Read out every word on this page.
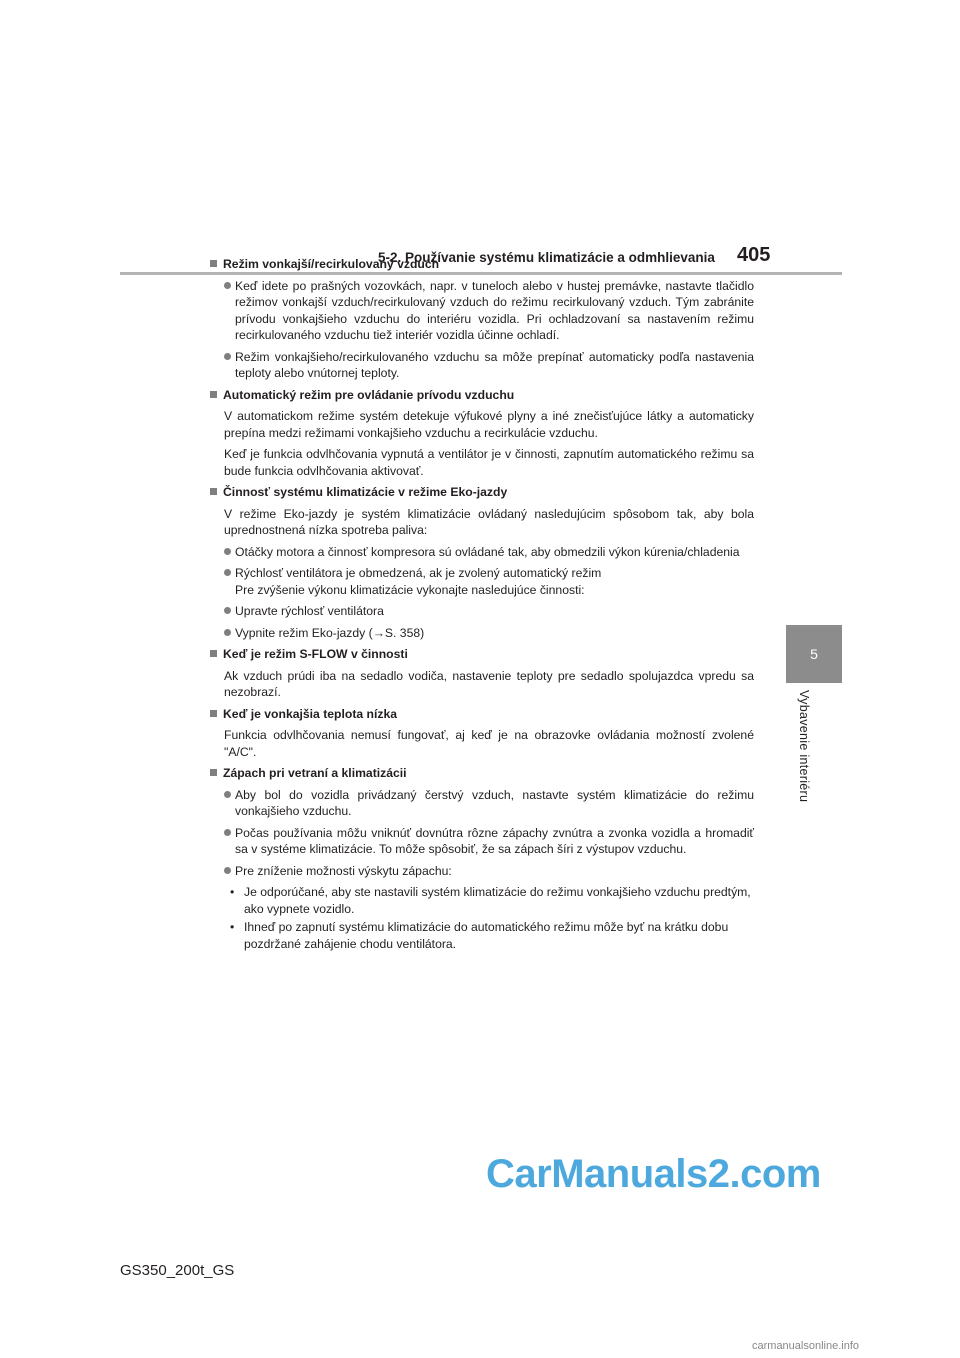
5-2. Používanie systému klimatizácie a odmhlievania 405
5
Vybavenie interiéru
Režim vonkajší/recirkulovaný vzduch
Keď idete po prašných vozovkách, napr. v tuneloch alebo v hustej premávke, nastavte tlačidlo režimov vonkajší vzduch/recirkulovaný vzduch do režimu recirkulovaný vzduch. Tým zabránite prívodu vonkajšieho vzduchu do interiéru vozidla. Pri ochladzovaní sa nastavením režimu recirkulovaného vzduchu tiež interiér vozidla účinne ochladí.
Režim vonkajšieho/recirkulovaného vzduchu sa môže prepínať automaticky podľa nastavenia teploty alebo vnútornej teploty.
Automatický režim pre ovládanie prívodu vzduchu
V automatickom režime systém detekuje výfukové plyny a iné znečisťujúce látky a automaticky prepína medzi režimami vonkajšieho vzduchu a recirkulácie vzduchu.
Keď je funkcia odvlhčovania vypnutá a ventilátor je v činnosti, zapnutím automatického režimu sa bude funkcia odvlhčovania aktivovať.
Činnosť systému klimatizácie v režime Eko-jazdy
V režime Eko-jazdy je systém klimatizácie ovládaný nasledujúcim spôsobom tak, aby bola uprednostnená nízka spotreba paliva:
Otáčky motora a činnosť kompresora sú ovládané tak, aby obmedzili výkon kúrenia/chladenia
Rýchlosť ventilátora je obmedzená, ak je zvolený automatický režim
Pre zvýšenie výkonu klimatizácie vykonajte nasledujúce činnosti:
Upravte rýchlosť ventilátora
Vypnite režim Eko-jazdy (→S. 358)
Keď je režim S-FLOW v činnosti
Ak vzduch prúdi iba na sedadlo vodiča, nastavenie teploty pre sedadlo spolujazdca vpredu sa nezobrazí.
Keď je vonkajšia teplota nízka
Funkcia odvlhčovania nemusí fungovať, aj keď je na obrazovke ovládania možností zvolené "A/C".
Zápach pri vetraní a klimatizácii
Aby bol do vozidla privádzaný čerstvý vzduch, nastavte systém klimatizácie do režimu vonkajšieho vzduchu.
Počas používania môžu vniknúť dovnútra rôzne zápachy zvnútra a zvonka vozidla a hromadiť sa v systéme klimatizácie. To môže spôsobiť, že sa zápach šíri z výstupov vzduchu.
Pre zníženie možnosti výskytu zápachu:
• Je odporúčané, aby ste nastavili systém klimatizácie do režimu vonkajšieho vzduchu predtým, ako vypnete vozidlo.
• Ihneď po zapnutí systému klimatizácie do automatického režimu môže byť na krátku dobu pozdržané zahájenie chodu ventilátora.
GS350_200t_GS
CarManuals2.com
carmanualsonline.info
